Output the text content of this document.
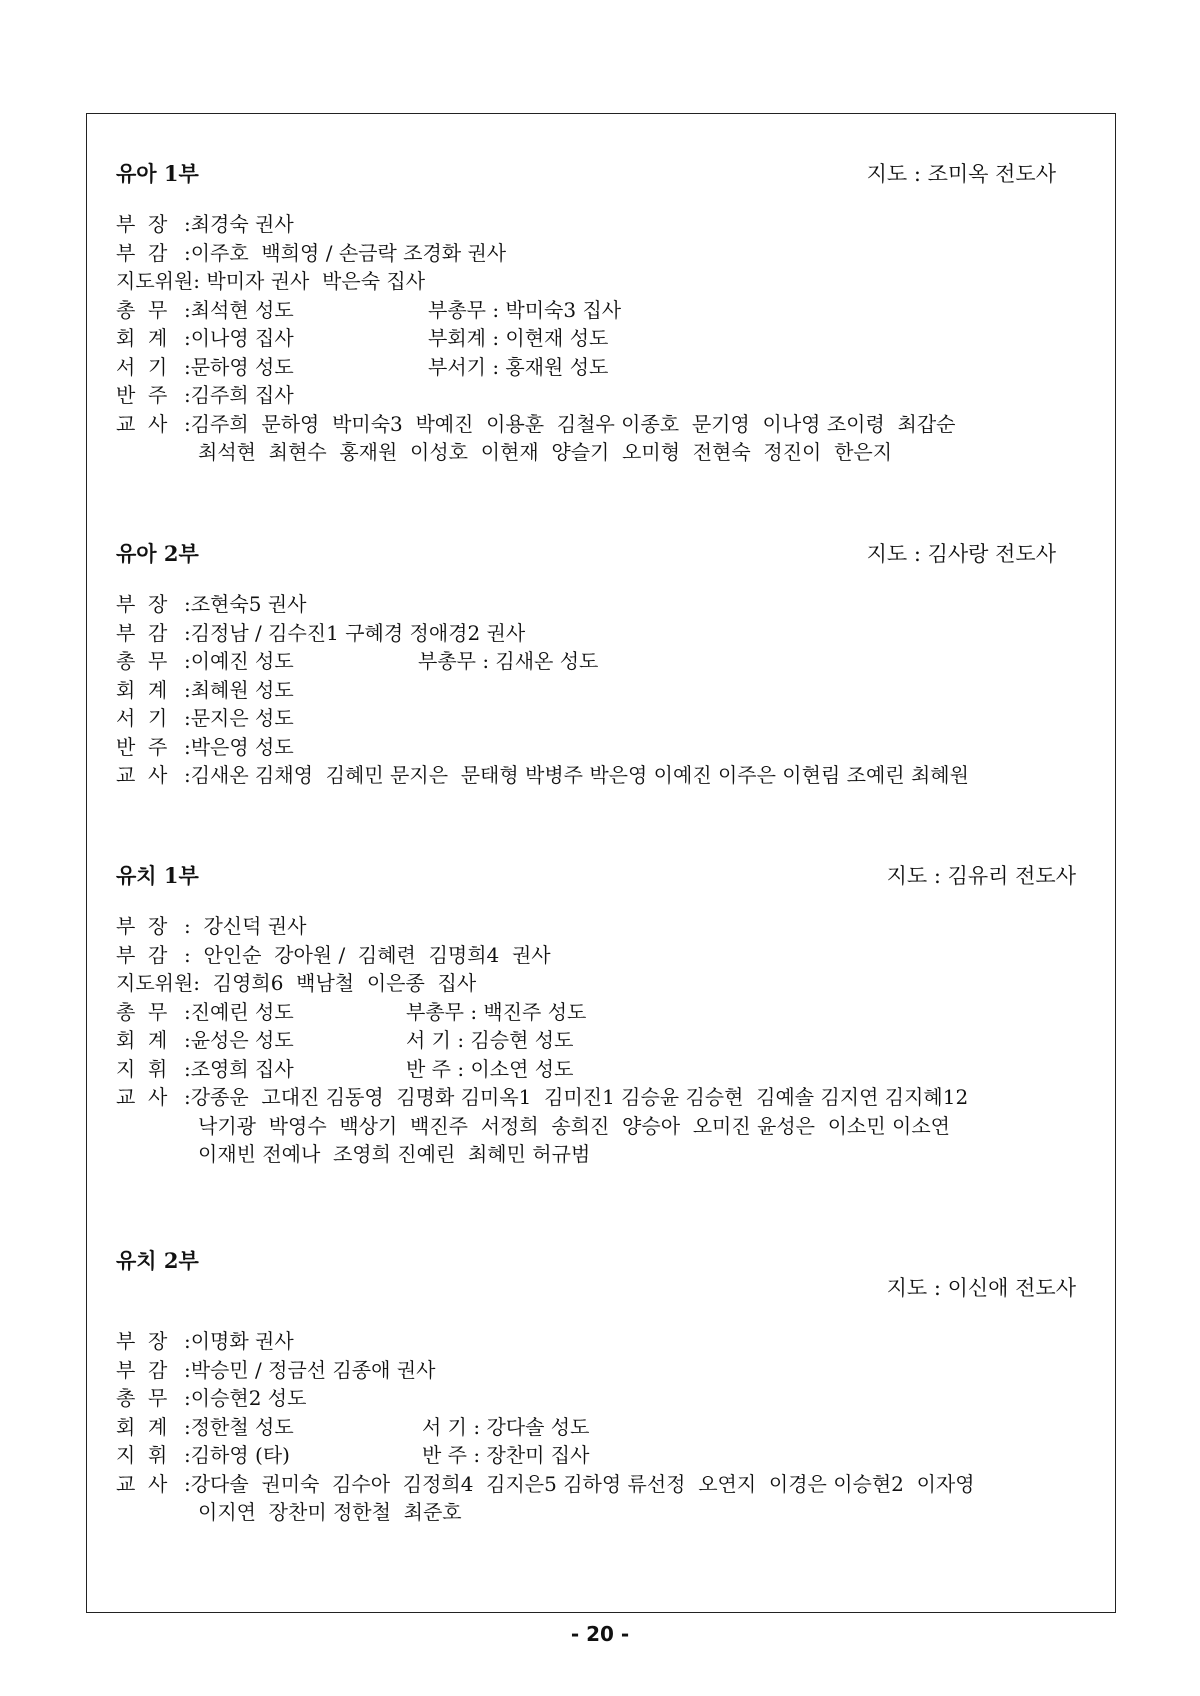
유아 1부	지도 : 조미옥 전도사
부  장 :최경숙 권사
부  감 :이주호  백희영 / 손금락 조경화 권사
지도위원: 박미자 권사  박은숙 집사
총  무 :최석현 성도	부총무 : 박미숙3 집사
회  계 :이나영 집사	부회계 : 이현재 성도
서  기 :문하영 성도	부서기 : 홍재원 성도
반  주 :김주희 집사
교  사 :김주희  문하영  박미숙3  박예진  이용훈  김철우 이종호  문기영  이나영 조이령  최갑순
최석현  최현수  홍재원  이성호  이현재  양슬기  오미형  전현숙  정진이  한은지
유아 2부	지도 : 김사랑 전도사
부  장 :조현숙5 권사
부  감 :김정남 / 김수진1 구혜경 정애경2 권사
총  무 :이예진 성도	부총무 : 김새온 성도
회  계 :최혜원 성도
서  기 :문지은 성도
반  주 :박은영 성도
교  사 :김새온 김채영  김혜민 문지은  문태형 박병주 박은영 이예진 이주은 이현림 조예린 최혜원
유치 1부	지도 : 김유리 전도사
부  장 :  강신덕 권사
부  감 :  안인순  강아원 /  김혜련  김명희4  권사
지도위원:  김영희6  백남철  이은종  집사
총  무 :진예린 성도	부총무 : 백진주 성도
회  계 :윤성은 성도	서 기 : 김승현 성도
지  휘 :조영희 집사	반 주 : 이소연 성도
교  사 :강종운  고대진 김동영  김명화 김미옥1  김미진1 김승윤 김승현  김예솔 김지연 김지혜12
낙기광  박영수  백상기  백진주  서정희  송희진  양승아  오미진 윤성은  이소민 이소연
이재빈 전예나  조영희 진예린  최혜민 허규범
유치 2부
지도 : 이신애 전도사
부  장 :이명화 권사
부  감 :박승민 / 정금선 김종애 권사
총  무 :이승현2 성도
회  계 :정한철 성도	서 기 : 강다솔 성도
지  휘 :김하영 (타)	반 주 : 장찬미 집사
교  사 :강다솔  권미숙  김수아  김정희4  김지은5 김하영 류선정  오연지  이경은 이승현2  이자영
이지연  장찬미 정한철  최준호
- 20 -
